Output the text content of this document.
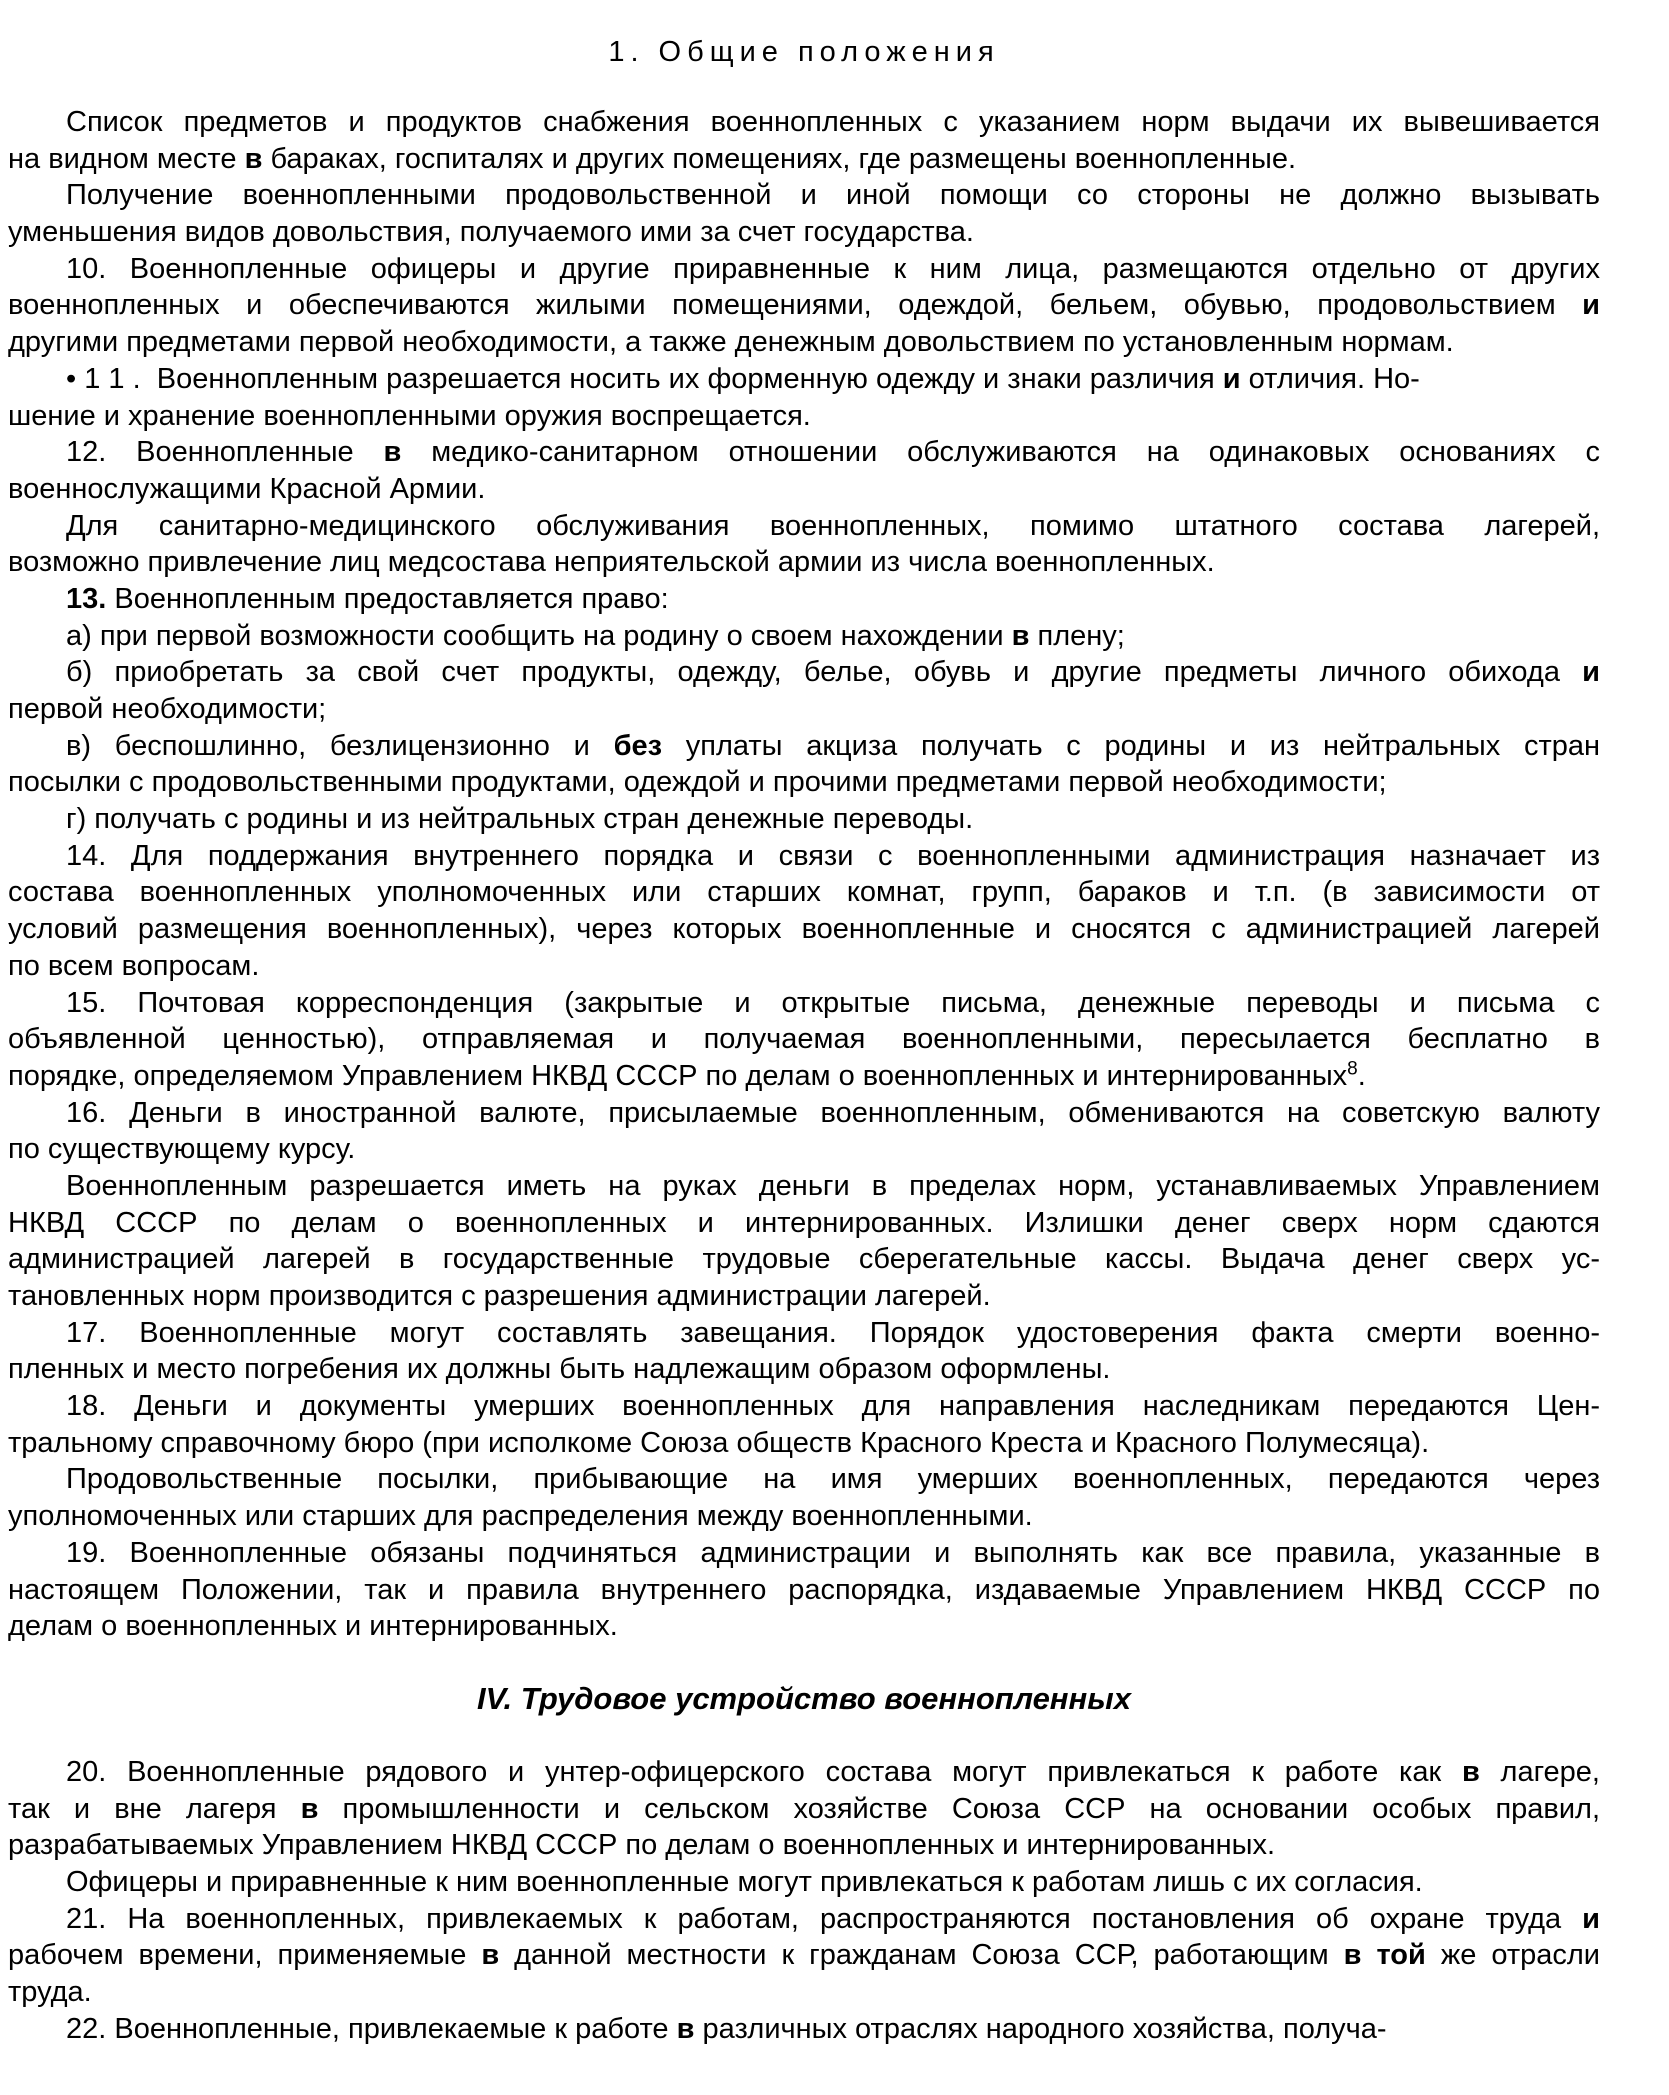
1. Общие положения
Список предметов и продуктов снабжения военнопленных с указанием норм выдачи их вывешивается
на видном месте в бараках, госпиталях и других помещениях, где размещены военнопленные.
Получение военнопленными продовольственной и иной помощи со стороны не должно вызывать
уменьшения видов довольствия, получаемого ими за счет государства.
10. Военнопленные офицеры и другие приравненные к ним лица, размещаются отдельно от других
военнопленных и обеспечиваются жилыми помещениями, одеждой, бельем, обувью, продовольствием и
другими предметами первой необходимости, а также денежным довольствием по установленным нормам.
• 1 1 .  Военнопленным разрешается носить их форменную одежду и знаки различия и отличия. Но-
шение и хранение военнопленными оружия воспрещается.
12. Военнопленные в медико-санитарном отношении обслуживаются на одинаковых основаниях с
военнослужащими Красной Армии.
Для санитарно-медицинского обслуживания военнопленных, помимо штатного состава лагерей,
возможно привлечение лиц медсостава неприятельской армии из числа военнопленных.
13. Военнопленным предоставляется право:
а) при первой возможности сообщить на родину о своем нахождении в плену;
б) приобретать за свой счет продукты, одежду, белье, обувь и другие предметы личного обихода и
первой необходимости;
в) беспошлинно, безлицензионно и без уплаты акциза получать с родины и из нейтральных стран
посылки с продовольственными продуктами, одеждой и прочими предметами первой необходимости;
г) получать с родины и из нейтральных стран денежные переводы.
14. Для поддержания внутреннего порядка и связи с военнопленными администрация назначает из
состава военнопленных уполномоченных или старших комнат, групп, бараков и т.п. (в зависимости от
условий размещения военнопленных), через которых военнопленные и сносятся с администрацией лагерей
по всем вопросам.
15. Почтовая корреспонденция (закрытые и открытые письма, денежные переводы и письма с
объявленной ценностью), отправляемая и получаемая военнопленными, пересылается бесплатно в
порядке, определяемом Управлением НКВД СССР по делам о военнопленных и интернированных$^8$.
16. Деньги в иностранной валюте, присылаемые военнопленным, обмениваются на советскую валюту
по существующему курсу.
Военнопленным разрешается иметь на руках деньги в пределах норм, устанавливаемых Управлением
НКВД СССР по делам о военнопленных и интернированных. Излишки денег сверх норм сдаются
администрацией лагерей в государственные трудовые сберегательные кассы. Выдача денег сверх ус-
тановленных норм производится с разрешения администрации лагерей.
17. Военнопленные могут составлять завещания. Порядок удостоверения факта смерти военно-
пленных и место погребения их должны быть надлежащим образом оформлены.
18. Деньги и документы умерших военнопленных для направления наследникам передаются Цен-
тральному справочному бюро (при исполкоме Союза обществ Красного Креста и Красного Полумесяца).
Продовольственные посылки, прибывающие на имя умерших военнопленных, передаются через
уполномоченных или старших для распределения между военнопленными.
19. Военнопленные обязаны подчиняться администрации и выполнять как все правила, указанные в
настоящем Положении, так и правила внутреннего распорядка, издаваемые Управлением НКВД СССР по
делам о военнопленных и интернированных.
IV. Трудовое устройство военнопленных
20. Военнопленные рядового и унтер-офицерского состава могут привлекаться к работе как в лагере,
так и вне лагеря в промышленности и сельском хозяйстве Союза ССР на основании особых правил,
разрабатываемых Управлением НКВД СССР по делам о военнопленных и интернированных.
Офицеры и приравненные к ним военнопленные могут привлекаться к работам лишь с их согласия.
21. На военнопленных, привлекаемых к работам, распространяются постановления об охране труда и
рабочем времени, применяемые в данной местности к гражданам Союза ССР, работающим в той же отрасли
труда.
22. Военнопленные, привлекаемые к работе в различных отраслях народного хозяйства, получа-
